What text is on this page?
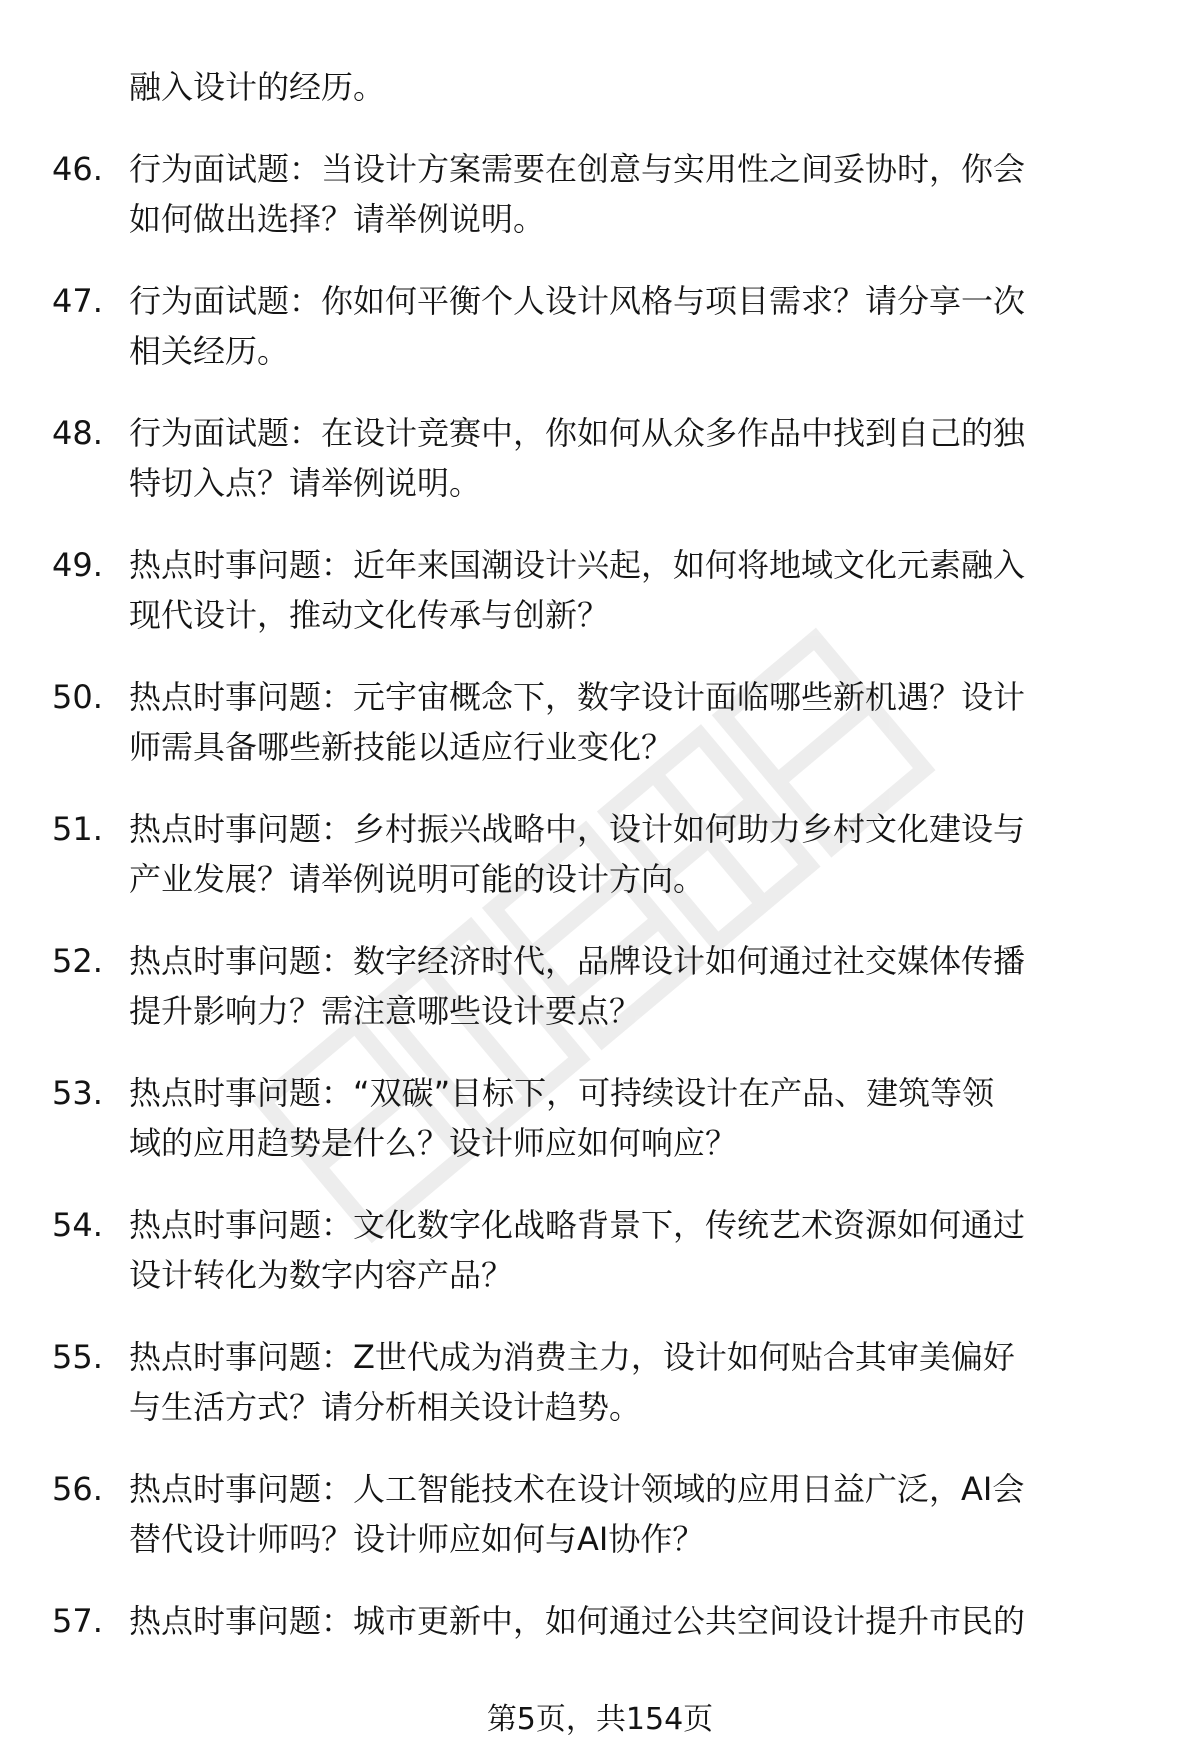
融入设计的经历。
46. 行为面试题：当设计方案需要在创意与实用性之间妥协时，你会
如何做出选择？请举例说明。
47. 行为面试题：你如何平衡个人设计风格与项目需求？请分享一次
相关经历。
48. 行为面试题：在设计竞赛中，你如何从众多作品中找到自己的独
特切入点？请举例说明。
49. 热点时事问题：近年来国潮设计兴起，如何将地域文化元素融入
现代设计，推动文化传承与创新？
50. 热点时事问题：元宇宙概念下，数字设计面临哪些新机遇？设计
师需具备哪些新技能以适应行业变化？
51. 热点时事问题：乡村振兴战略中，设计如何助力乡村文化建设与
产业发展？请举例说明可能的设计方向。
52. 热点时事问题：数字经济时代，品牌设计如何通过社交媒体传播
提升影响力？需注意哪些设计要点？
53. 热点时事问题：“双碳”目标下，可持续设计在产品、建筑等领
域的应用趋势是什么？设计师应如何响应？
54. 热点时事问题：文化数字化战略背景下，传统艺术资源如何通过
设计转化为数字内容产品？
55. 热点时事问题：Z世代成为消费主力，设计如何贴合其审美偏好
与生活方式？请分析相关设计趋势。
56. 热点时事问题：人工智能技术在设计领域的应用日益广泛，AI会
替代设计师吗？设计师应如何与AI协作？
57. 热点时事问题：城市更新中，如何通过公共空间设计提升市民的
第5页，共154页
